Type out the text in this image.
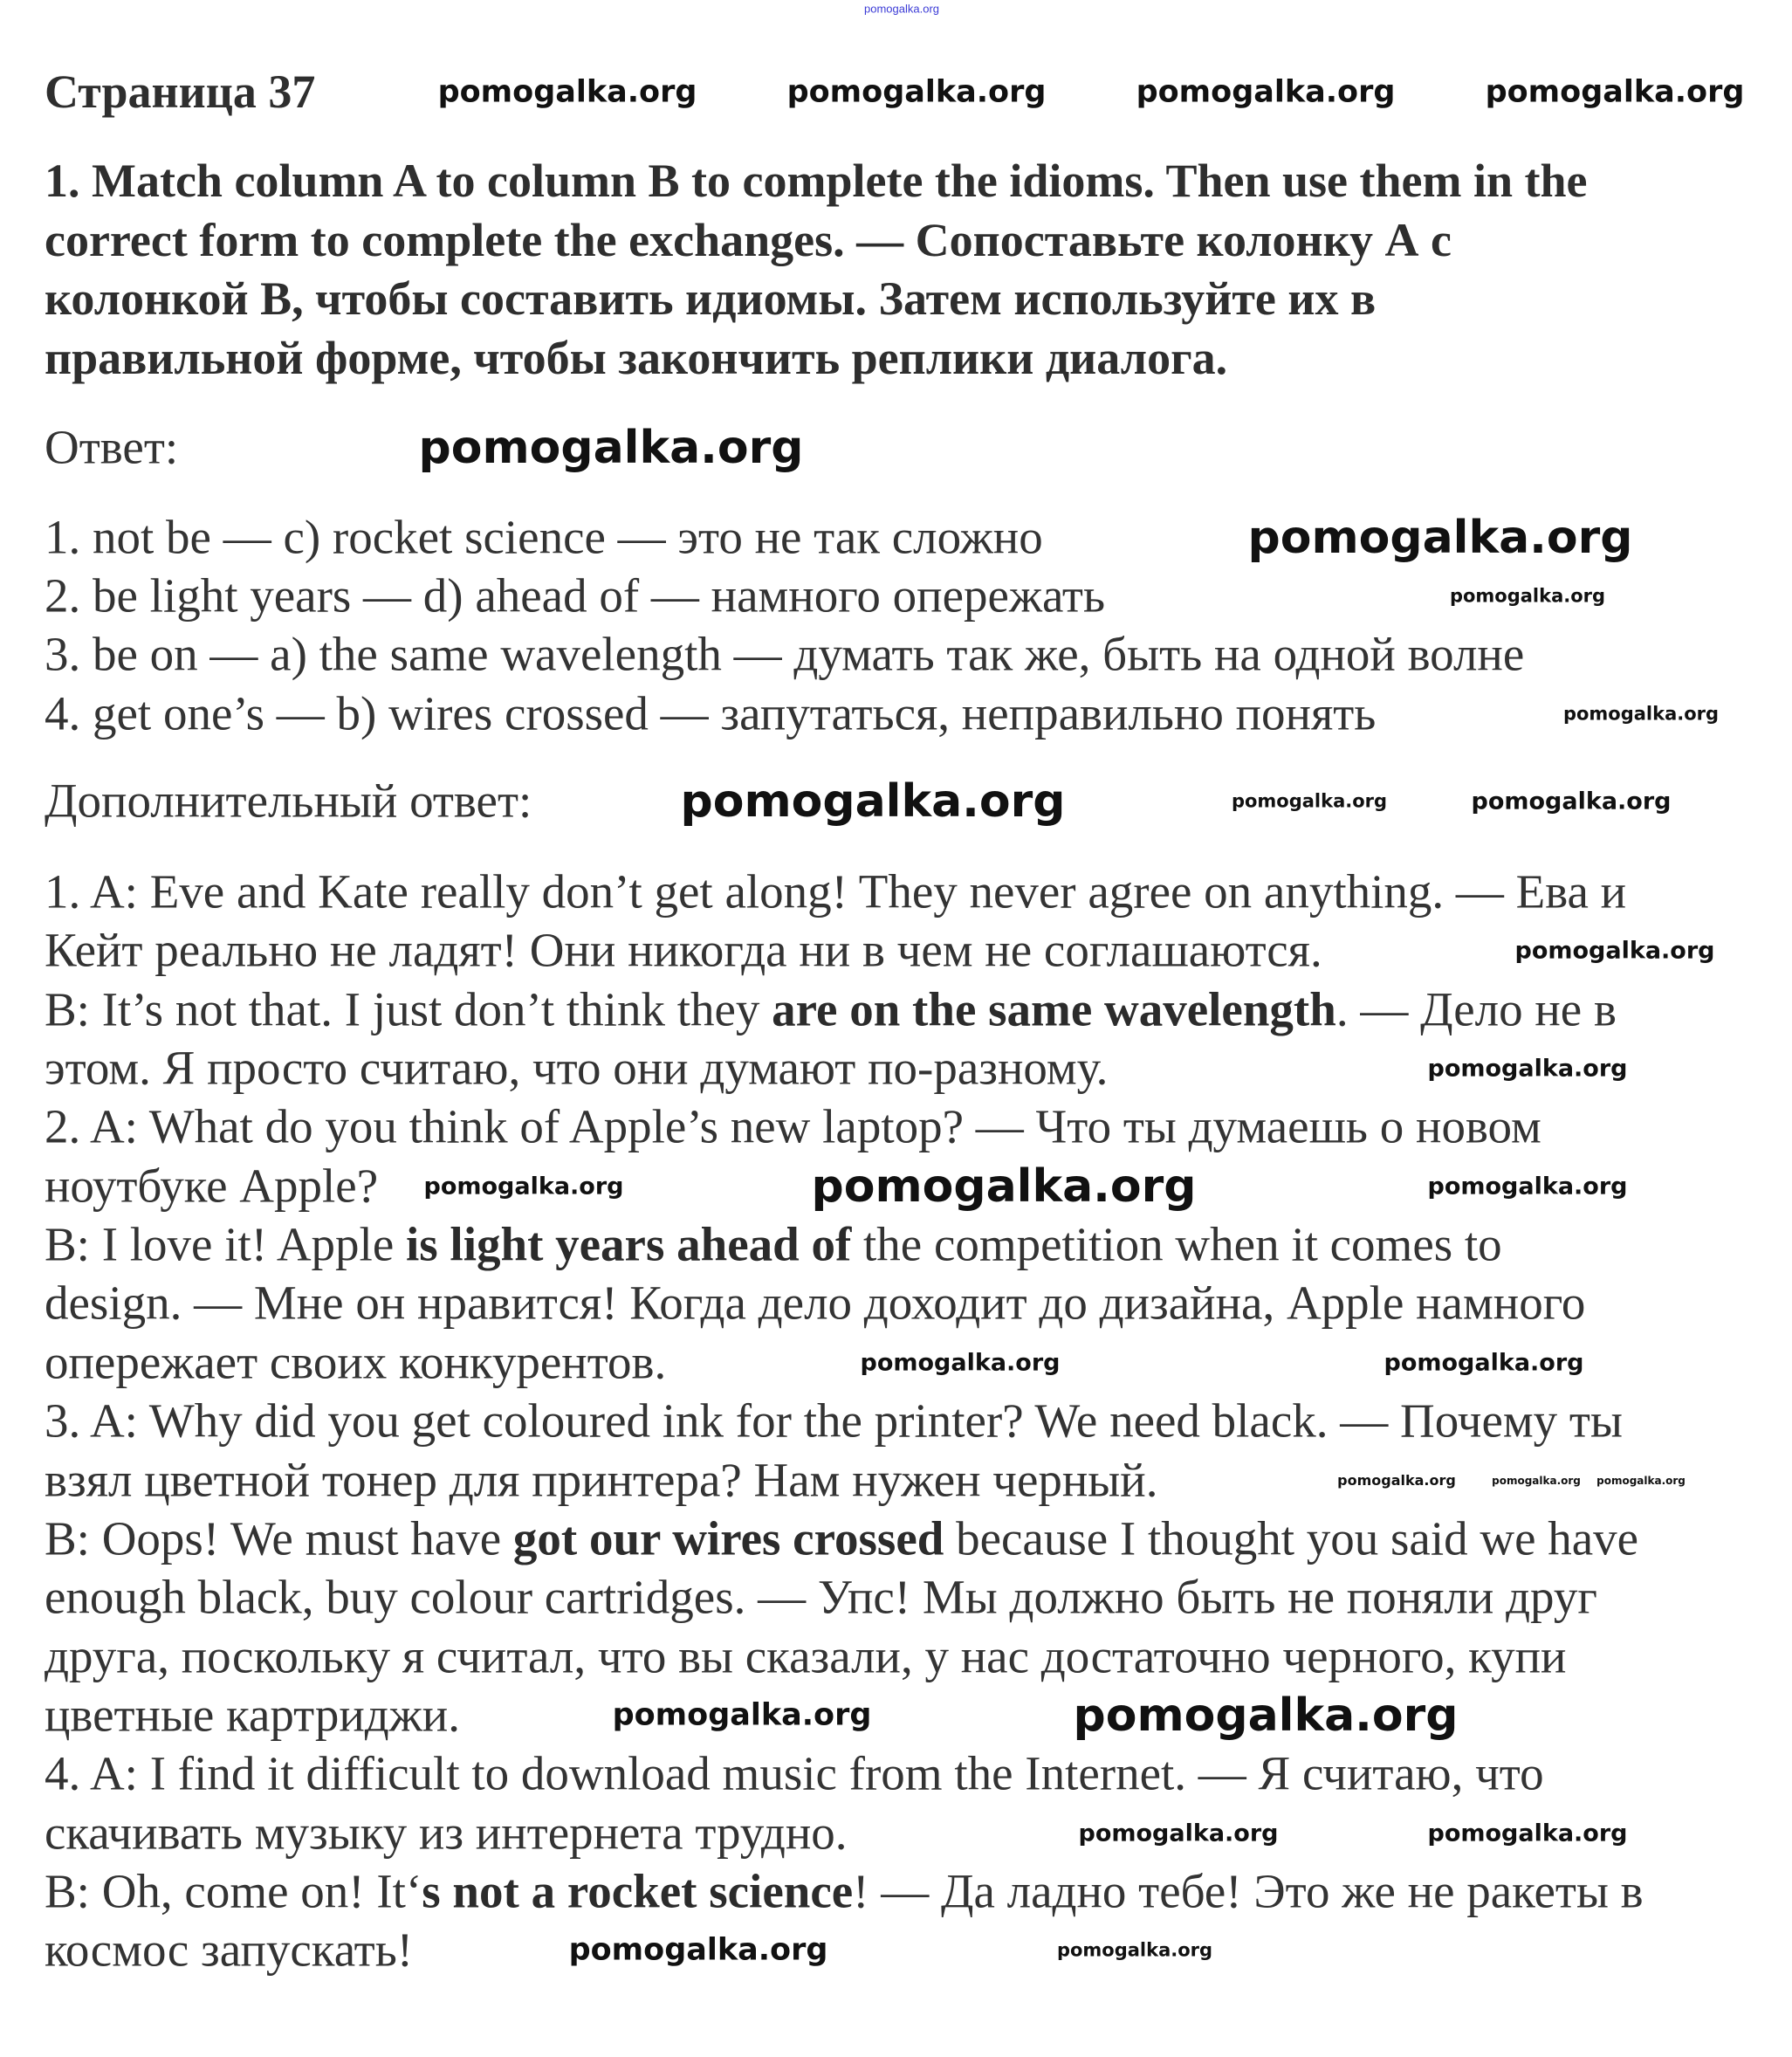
Страница 37
1. Match column A to column B to complete the idioms. Then use them in the
correct form to complete the exchanges. — Сопоставьте колонку А с
колонкой В, чтобы составить идиомы. Затем используйте их в
правильной форме, чтобы закончить реплики диалога.
Ответ:
1. not be — c) rocket science — это не так сложно
2. be light years — d) ahead of — намного опережать
3. be on — a) the same wavelength — думать так же, быть на одной волне
4. get one’s — b) wires crossed — запутаться, неправильно понять
Дополнительный ответ:
1. A: Eve and Kate really don’t get along! They never agree on anything. — Ева и
Кейт реально не ладят! Они никогда ни в чем не соглашаются.
B: It’s not that. I just don’t think they are on the same wavelength. — Дело не в
этом. Я просто считаю, что они думают по-разному.
2. A: What do you think of Apple’s new laptop? — Что ты думаешь о новом
ноутбуке Apple?
B: I love it! Apple is light years ahead of the competition when it comes to
design. — Мне он нравится! Когда дело доходит до дизайна, Apple намного
опережает своих конкурентов.
3. A: Why did you get coloured ink for the printer? We need black. — Почему ты
взял цветной тонер для принтера? Нам нужен черный.
B: Oops! We must have got our wires crossed because I thought you said we have
enough black, buy colour cartridges. — Упс! Мы должно быть не поняли друг
друга, поскольку я считал, что вы сказали, у нас достаточно черного, купи
цветные картриджи.
4. A: I find it difficult to download music from the Internet. — Я считаю, что
скачивать музыку из интернета трудно.
B: Oh, come on! It‘s not a rocket science! — Да ладно тебе! Это же не ракеты в
космос запускать!
pomogalka.org
pomogalka.org	pomogalka.org	pomogalka.org	pomogalka.org
pomogalka.org
pomogalka.org
pomogalka.org
pomogalka.org
pomogalka.org	pomogalka.org	pomogalka.org
pomogalka.org
pomogalka.org
pomogalka.org	pomogalka.org	pomogalka.org
pomogalka.org	pomogalka.org
pomogalka.org	pomogalka.org pomogalka.org
pomogalka.org	pomogalka.org
pomogalka.org	pomogalka.org
pomogalka.org	pomogalka.org
